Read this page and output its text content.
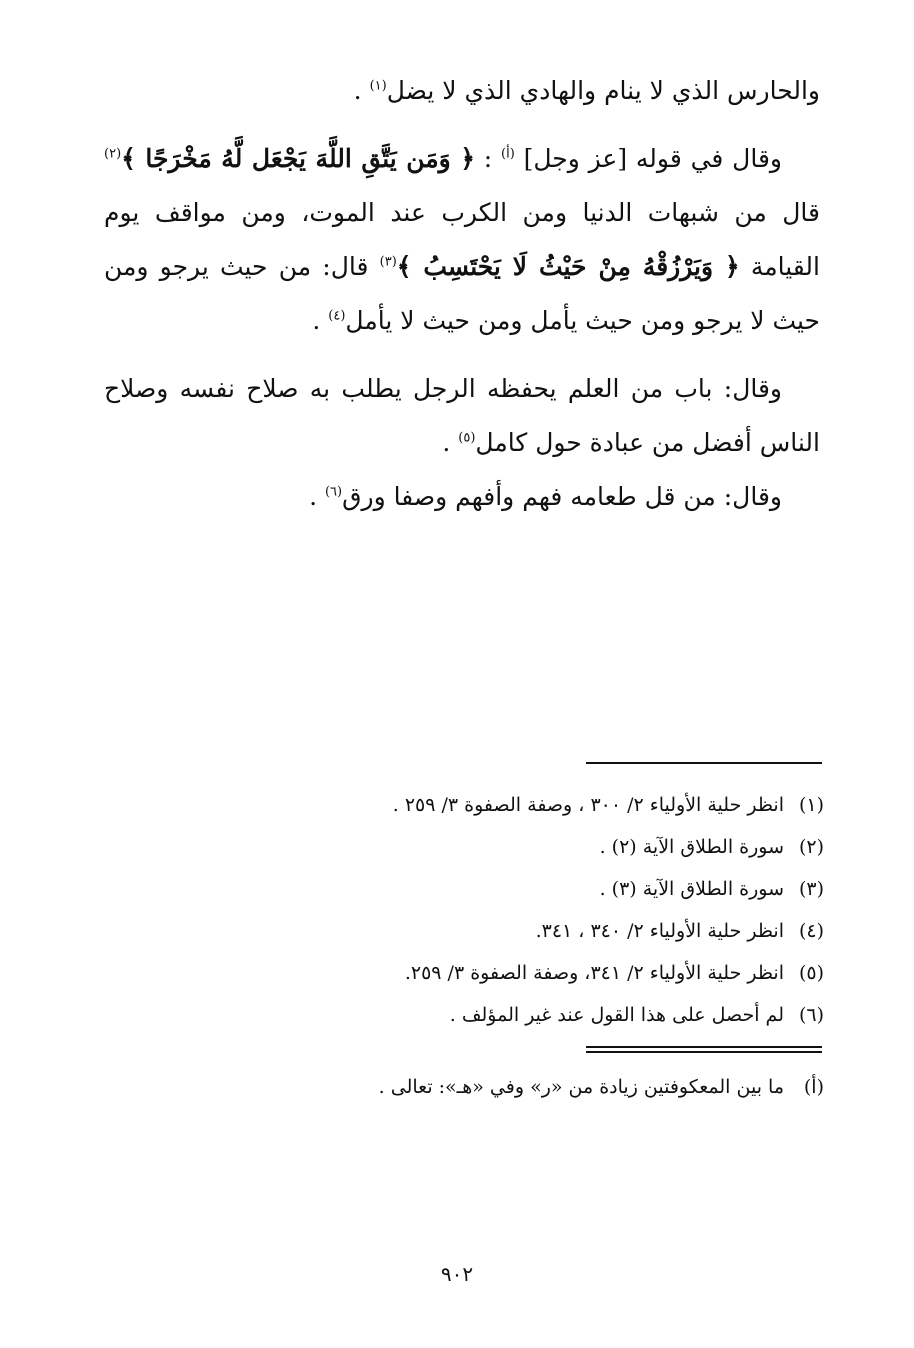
والحارس الذي لا ينام والهادي الذي لا يضل$^{(١)}$ .

وقال في قوله [عز وجل] $^{(أ)}$ : ﴿ وَمَن يَتَّقِ اللَّهَ يَجْعَل لَّهُ مَخْرَجًا ﴾$^{(٢)}$ قال من شبهات الدنيا ومن الكرب عند الموت، ومن مواقف يوم القيامة ﴿ وَيَرْزُقْهُ مِنْ حَيْثُ لَا يَحْتَسِبُ ﴾$^{(٣)}$ قال: من حيث يرجو ومن حيث لا يرجو ومن حيث يأمل ومن حيث لا يأمل$^{(٤)}$ .

وقال: باب من العلم يحفظه الرجل يطلب به صلاح نفسه وصلاح الناس أفضل من عبادة حول كامل$^{(٥)}$ .

وقال: من قل طعامه فهم وأفهم وصفا ورق$^{(٦)}$ .

(١)انظر حلية الأولياء ٢/ ٣٠٠ ، وصفة الصفوة ٣/ ٢٥٩ .

(٢)سورة الطلاق الآية (٢) .

(٣)سورة الطلاق الآية (٣) .

(٤)انظر حلية الأولياء ٢/ ٣٤٠ ، ٣٤١.

(٥)انظر حلية الأولياء ٢/ ٣٤١، وصفة الصفوة ٣/ ٢٥٩.

(٦)لم أحصل على هذا القول عند غير المؤلف .

(أ)ما بين المعكوفتين زيادة من «ر» وفي «هـ»: تعالى .

٩٠٢
